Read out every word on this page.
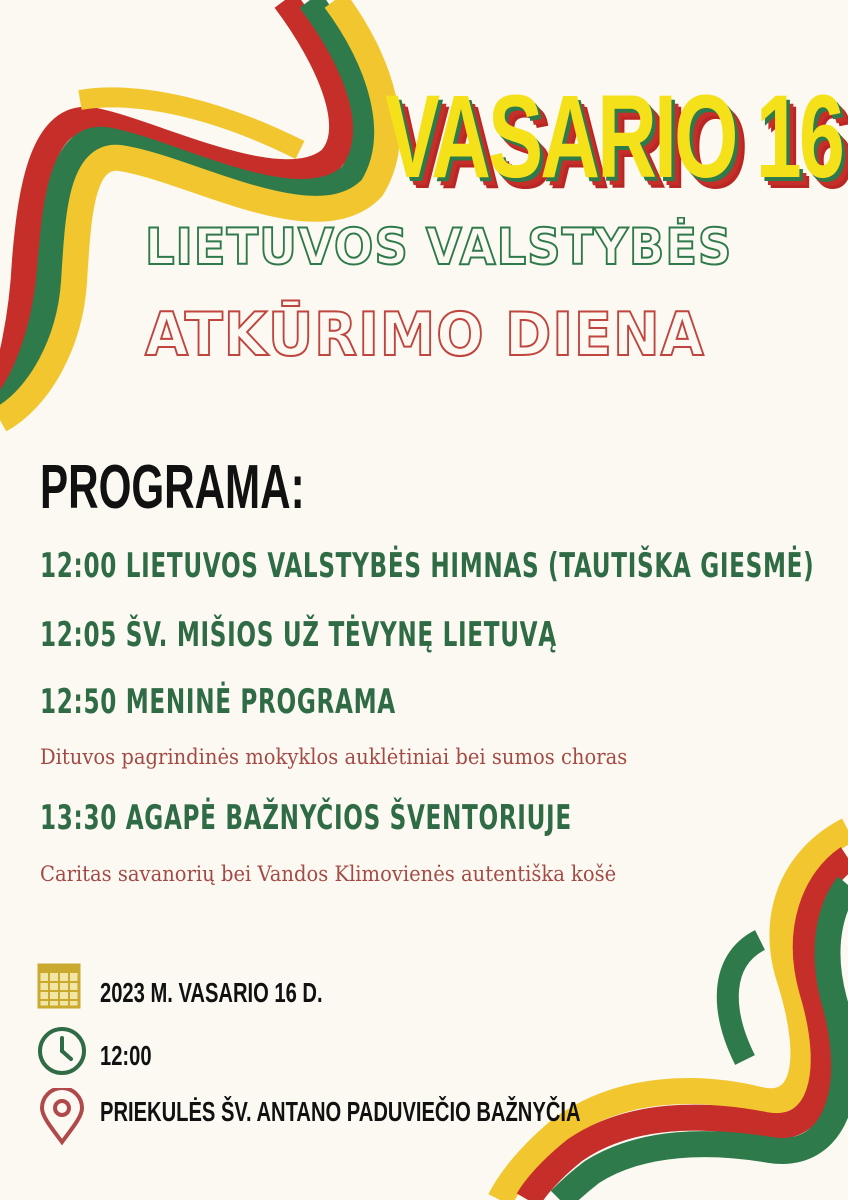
VASARIO 16
LIETUVOS VALSTYBĖS
ATKŪRIMO DIENA
PROGRAMA:
12:00 LIETUVOS VALSTYBĖS HIMNAS (TAUTIŠKA GIESMĖ)
12:05 ŠV. MIŠIOS UŽ TĖVYNĘ LIETUVĄ
12:50 MENINĖ PROGRAMA
Dituvos pagrindinės mokyklos auklėtiniai bei sumos choras
13:30 AGAPĖ BAŽNYČIOS ŠVENTORIUJE
Caritas savanorių bei Vandos Klimovienės autentiška košė
2023 M. VASARIO 16 D.
12:00
PRIEKULĖS ŠV. ANTANO PADUVIEČIO BAŽNYČIA
